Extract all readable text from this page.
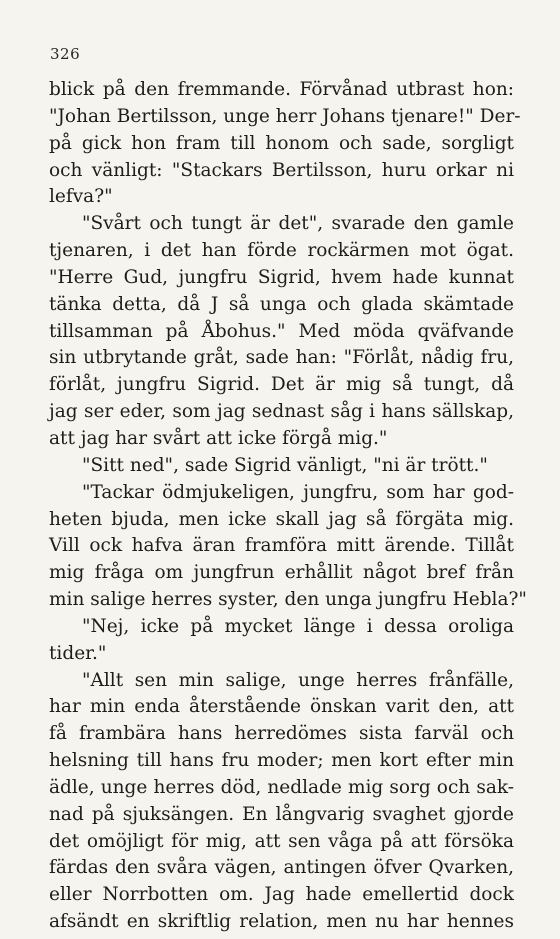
326
blick på den fremmande. Förvånad utbrast hon:
"Johan Bertilsson, unge herr Johans tjenare!" Der-
på gick hon fram till honom och sade, sorgligt
och vänligt: "Stackars Bertilsson, huru orkar ni
lefva?"
"Svårt och tungt är det", svarade den gamle
tjenaren, i det han förde rockärmen mot ögat.
"Herre Gud, jungfru Sigrid, hvem hade kunnat
tänka detta, då J så unga och glada skämtade
tillsamman på Åbohus." Med möda qväfvande
sin utbrytande gråt, sade han: "Förlåt, nådig fru,
förlåt, jungfru Sigrid. Det är mig så tungt, då
jag ser eder, som jag sednast såg i hans sällskap,
att jag har svårt att icke förgå mig."
"Sitt ned", sade Sigrid vänligt, "ni är trött."
"Tackar ödmjukeligen, jungfru, som har god-
heten bjuda, men icke skall jag så förgäta mig.
Vill ock hafva äran framföra mitt ärende. Tillåt
mig fråga om jungfrun erhållit något bref från
min salige herres syster, den unga jungfru Hebla?"
"Nej, icke på mycket länge i dessa oroliga
tider."
"Allt sen min salige, unge herres frånfälle,
har min enda återstående önskan varit den, att
få frambära hans herredömes sista farväl och
helsning till hans fru moder; men kort efter min
ädle, unge herres död, nedlade mig sorg och sak-
nad på sjuksängen. En långvarig svaghet gjorde
det omöjligt för mig, att sen våga på att försöka
färdas den svåra vägen, antingen öfver Qvarken,
eller Norrbotten om. Jag hade emellertid dock
afsändt en skriftlig relation, men nu har hennes
